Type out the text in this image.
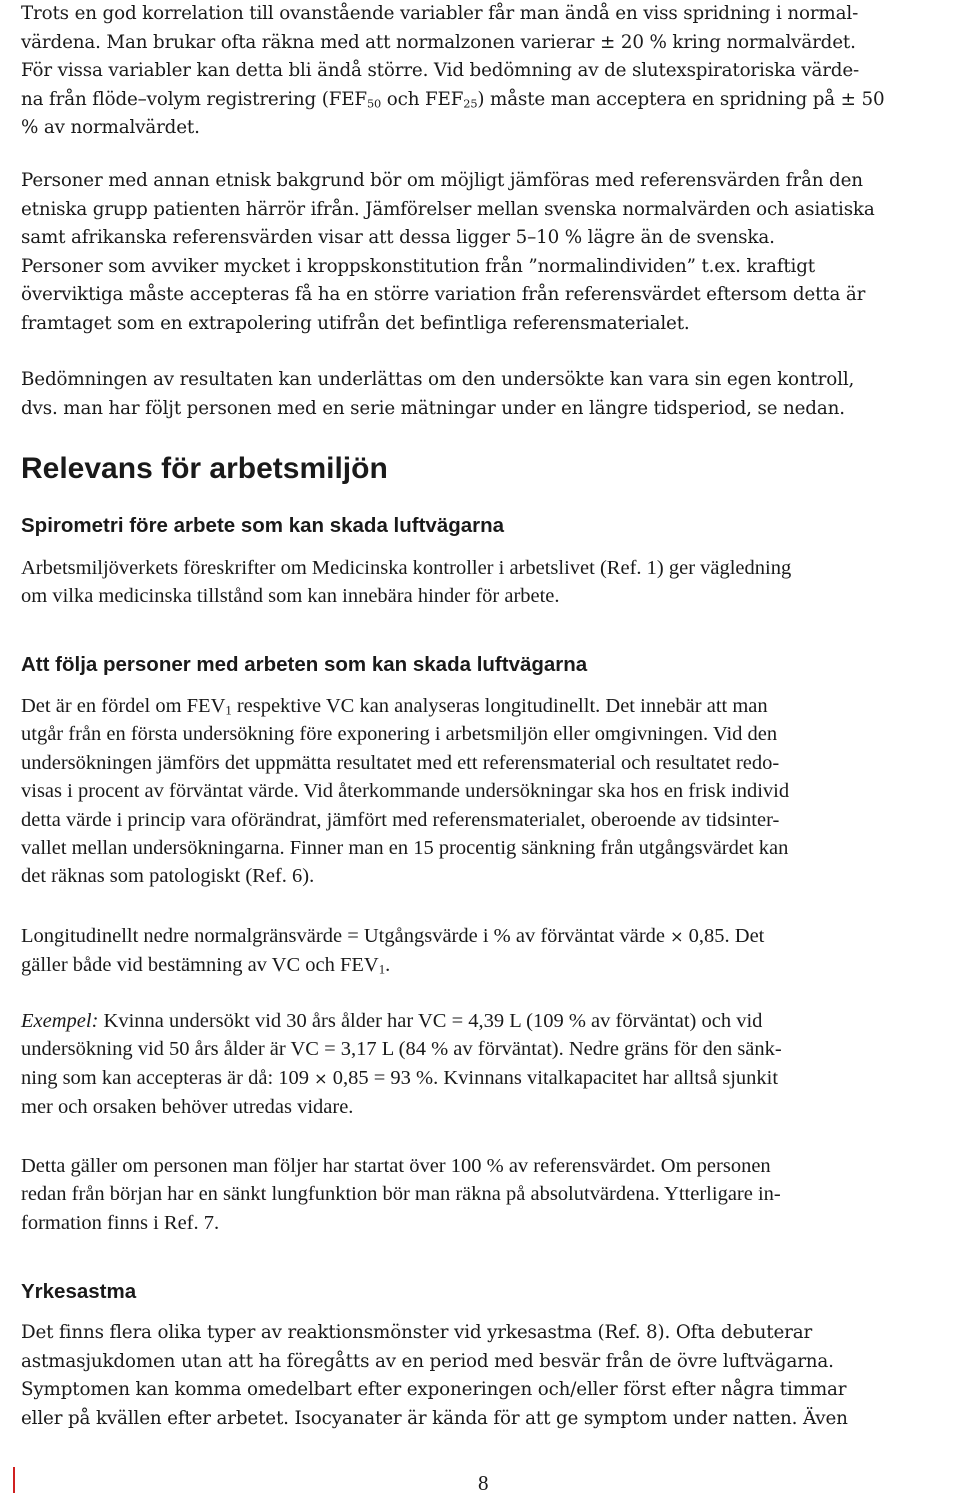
Trots en god korrelation till ovanstående variabler får man ändå en viss spridning i normal-
värdena. Man brukar ofta räkna med att normalzonen varierar ± 20 % kring normalvärdet.
För vissa variabler kan detta bli ändå större. Vid bedömning av de slutexspiratoriska värde-
na från flöde–volym registrering ($FEF_{50}$ och $FEF_{25}$) måste man acceptera en spridning på ± 50
% av normalvärdet.
Personer med annan etnisk bakgrund bör om möjligt jämföras med referensvärden från den
etniska grupp patienten härrör ifrån. Jämförelser mellan svenska normalvärden och asiatiska
samt afrikanska referensvärden visar att dessa ligger 5–10 % lägre än de svenska.
Personer som avviker mycket i kroppskonstitution från ”normalindividen” t.ex. kraftigt
överviktiga måste accepteras få ha en större variation från referensvärdet eftersom detta är
framtaget som en extrapolering utifrån det befintliga referensmaterialet.
Bedömningen av resultaten kan underlättas om den undersökte kan vara sin egen kontroll,
dvs. man har följt personen med en serie mätningar under en längre tidsperiod, se nedan.
Relevans för arbetsmiljön
Spirometri före arbete som kan skada luftvägarna
Arbetsmiljöverkets föreskrifter om Medicinska kontroller i arbetslivet (Ref. 1) ger vägledning
om vilka medicinska tillstånd som kan innebära hinder för arbete.
Att följa personer med arbeten som kan skada luftvägarna
Det är en fördel om $FEV_1$ respektive VC kan analyseras longitudinellt. Det innebär att man
utgår från en första undersökning före exponering i arbetsmiljön eller omgivningen. Vid den
undersökningen jämförs det uppmätta resultatet med ett referensmaterial och resultatet redo-
visas i procent av förväntat värde. Vid återkommande undersökningar ska hos en frisk individ
detta värde i princip vara oförändrat, jämfört med referensmaterialet, oberoende av tidsinter-
vallet mellan undersökningarna. Finner man en 15 procentig sänkning från utgångsvärdet kan
det räknas som patologiskt (Ref. 6).
Longitudinellt nedre normalgränsvärde = Utgångsvärde i % av förväntat värde × 0,85. Det
gäller både vid bestämning av VC och $FEV_1$.
Exempel: Kvinna undersökt vid 30 års ålder har VC = 4,39 L (109 % av förväntat) och vid
undersökning vid 50 års ålder är VC = 3,17 L (84 % av förväntat). Nedre gräns för den sänk-
ning som kan accepteras är då: 109 × 0,85 = 93 %. Kvinnans vitalkapacitet har alltså sjunkit
mer och orsaken behöver utredas vidare.
Detta gäller om personen man följer har startat över 100 % av referensvärdet. Om personen
redan från början har en sänkt lungfunktion bör man räkna på absolutvärdena. Ytterligare in-
formation finns i Ref. 7.
Yrkesastma
Det finns flera olika typer av reaktionsmönster vid yrkesastma (Ref. 8). Ofta debuterar
astmasjukdomen utan att ha föregåtts av en period med besvär från de övre luftvägarna.
Symptomen kan komma omedelbart efter exponeringen och/eller först efter några timmar
eller på kvällen efter arbetet. Isocyanater är kända för att ge symptom under natten. Även
8
